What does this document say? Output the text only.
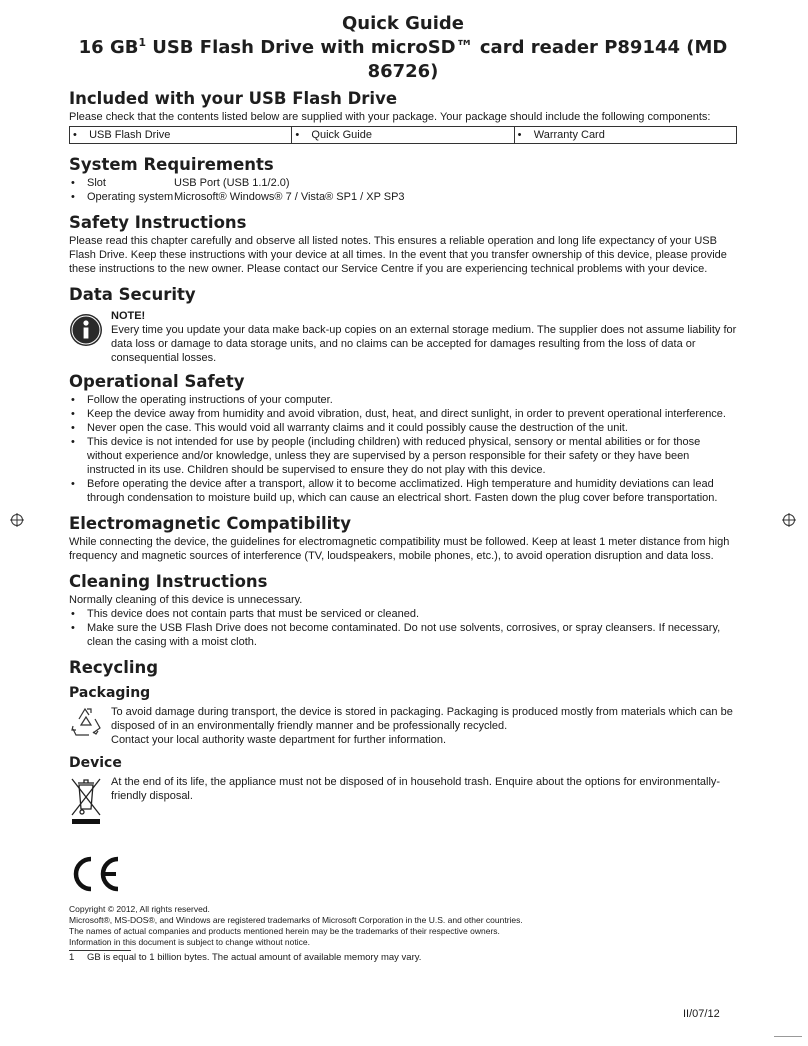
Quick Guide
16 $GB^1$ USB Flash Drive with microSD™ card reader P89144 (MD 86726)
Included with your USB Flash Drive

Please check that the contents listed below are supplied with your package. Your package should include the following components:

•    USB Flash Drive	•    Quick Guide	•    Warranty Card
System Requirements
• Slot	USB Port (USB 1.1/2.0)
• Operating system Microsoft® Windows® 7 / Vista® SP1 / XP SP3
Safety Instructions

Please read this chapter carefully and observe all listed notes. This ensures a reliable operation and long life expectancy of your USB Flash Drive. Keep these instructions with your device at all times. In the event that you transfer ownership of this device, please provide these instructions to the new owner. Please contact our Service Centre if you are experiencing technical problems with your device.

Data Security
NOTE!

Every time you update your data make back-up copies on an external storage medium. The supplier does not assume liability for data loss or damage to data storage units, and no claims can be accepted for damages resulting from the loss of data or consequential losses.

Operational Safety
• Follow the operating instructions of your computer.
• Keep the device away from humidity and avoid vibration, dust, heat, and direct sunlight, in order to prevent operational interference.
• Never open the case. This would void all warranty claims and it could possibly cause the destruction of the unit.
• This device is not intended for use by people (including children) with reduced physical, sensory or mental abilities or for those without experience and/or knowledge, unless they are supervised by a person responsible for their safety or they have been instructed in its use. Children should be supervised to ensure they do not play with this device.
• Before operating the device after a transport, allow it to become acclimatized. High temperature and humidity deviations can lead through condensation to moisture build up, which can cause an electrical short. Fasten down the plug cover before transportation.
Electromagnetic Compatibility

While connecting the device, the guidelines for electromagnetic compatibility must be followed. Keep at least 1 meter distance from high frequency and magnetic sources of interference (TV, loudspeakers, mobile phones, etc.), to avoid operation disruption and data loss.

Cleaning Instructions

Normally cleaning of this device is unnecessary.

• This device does not contain parts that must be serviced or cleaned.
• Make sure the USB Flash Drive does not become contaminated. Do not use solvents, corrosives, or spray cleansers. If necessary, clean the casing with a moist cloth.
Recycling
Packaging

To avoid damage during transport, the device is stored in packaging. Packaging is produced mostly from materials which can be disposed of in an environmentally friendly manner and be professionally recycled.

Contact your local authority waste department for further information.

Device

At the end of its life, the appliance must not be disposed of in household trash. Enquire about the options for environmentally-friendly disposal.

Copyright © 2012, All rights reserved.

Microsoft®, MS-DOS®, and Windows are registered trademarks of Microsoft Corporation in the U.S. and other countries.

The names of actual companies and products mentioned herein may be the trademarks of their respective owners.

Information in this document is subject to change without notice.

1	GB is equal to 1 billion bytes. The actual amount of available memory may vary.
II/07/12
